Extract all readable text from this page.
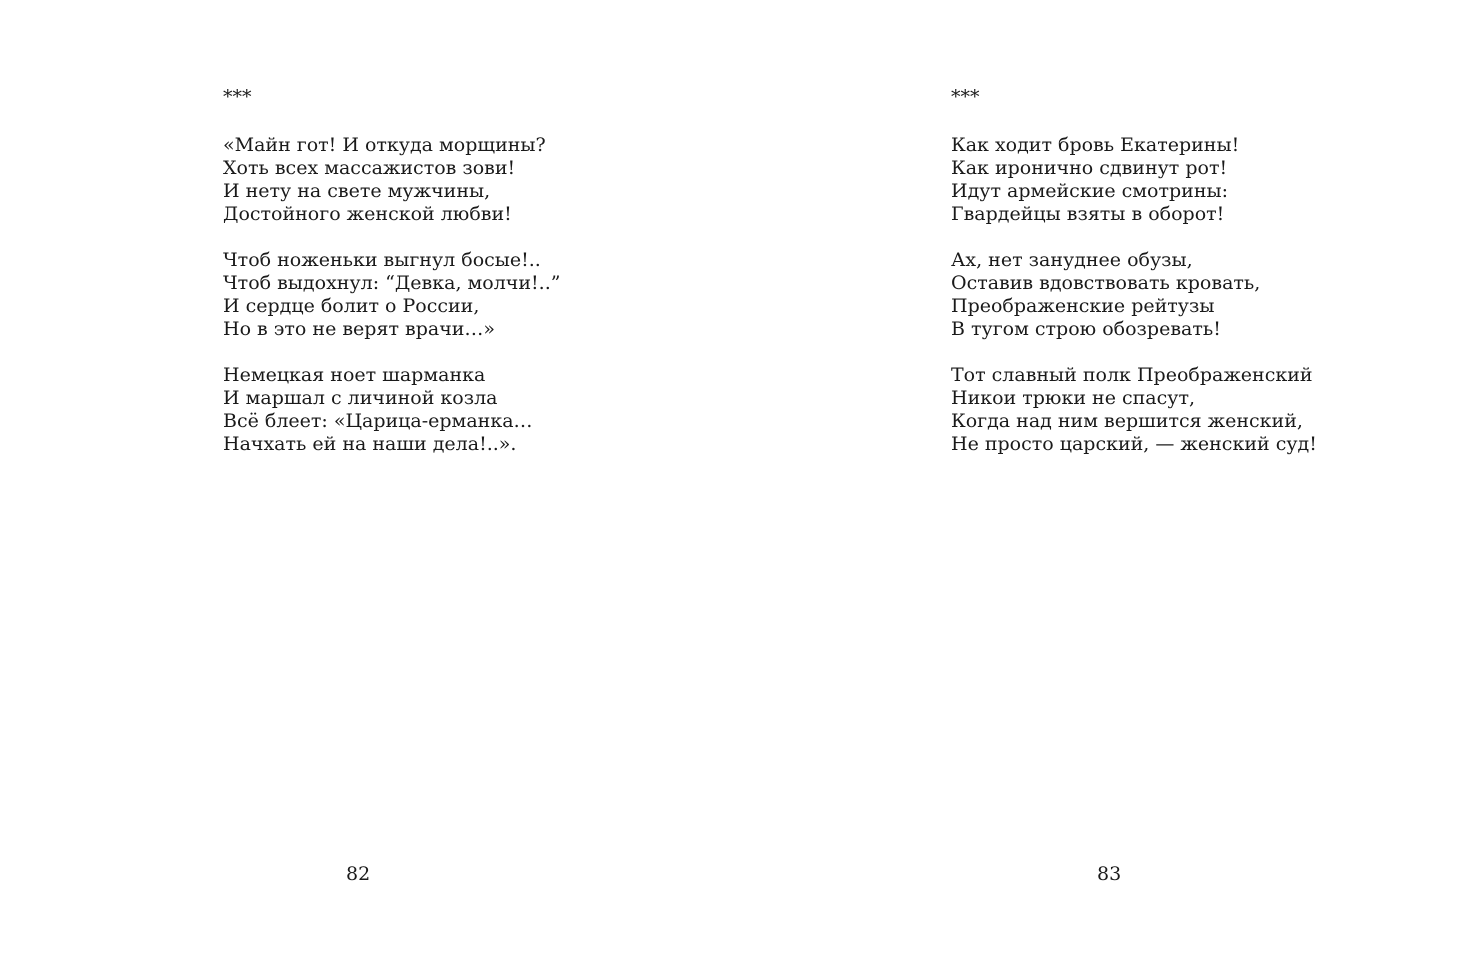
***
«Майн гот! И откуда морщины?
Хоть всех массажистов зови!
И нету на свете мужчины,
Достойного женской любви!
Чтоб ноженьки выгнул босые!..
Чтоб выдохнул: “Девка, молчи!..”
И сердце болит о России,
Но в это не верят врачи…»
Немецкая ноет шарманка
И маршал с личиной козла
Всё блеет: «Царица-ерманка…
Начхать ей на наши дела!..».
82
***
Как ходит бровь Екатерины!
Как иронично сдвинут рот!
Идут армейские смотрины:
Гвардейцы взяты в оборот!
Ах, нет зануднее обузы,
Оставив вдовствовать кровать,
Преображенские рейтузы
В тугом строю обозревать!
Тот славный полк Преображенский
Никои трюки не спасут,
Когда над ним вершится женский,
Не просто царский, — женский суд!
83
